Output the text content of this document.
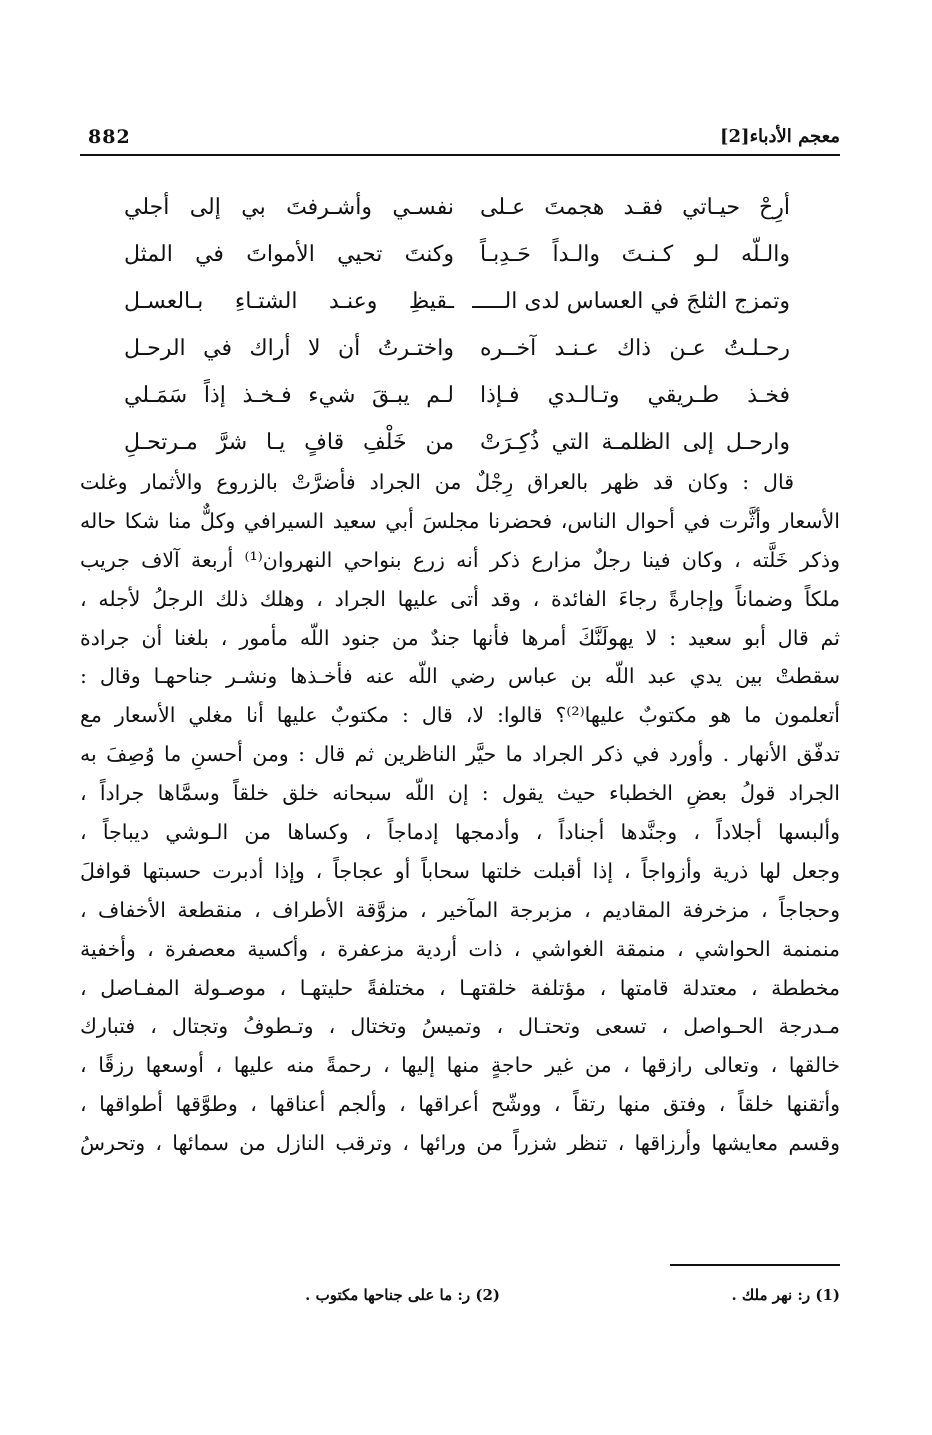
معجم الأدباء[2]
882
أرِحْ حيـاتي فقـد هجمتَ عـلى
نفسـي وأشـرفتَ بي إلى أجلي
والـلّه لـو كـنـتَ والـداً حَـدِبـاً
وكنتَ تحيي الأمواتَ في المثل
وتمزج الثلجَ في العساس لدى الـــــ
ـقيظِ وعنـد الشتـاءِ بـالعسـل
رحـلـتُ عـن ذاك عـنـد آخــره
واختـرتُ أن لا أراك في الرحـل
فخـذ طـريقي وتـالـدي فـإذا
لـم يبـقَ شيء فـخـذ إذاً سَمَـلي
وارحـل إلى الظلمـة التي ذُكِـرَتْ
من خَلْفِ قافٍ يـا شرَّ مـرتحـلِ
قال : وكان قد ظهر بالعراق رِجْلٌ من الجراد فأضرَّتْ بالزروع والأثمار وغلت
الأسعار وأثَّرت في أحوال الناس، فحضرنا مجلسَ أبي سعيد السيرافي وكلٌّ منا شكا حاله
وذكر خَلَّته ، وكان فينا رجلٌ مزارع ذكر أنه زرع بنواحي النهروان⁽¹⁾ أربعة آلاف جريب
ملكاً وضماناً وإجارةً رجاءَ الفائدة ، وقد أتى عليها الجراد ، وهلك ذلك الرجلُ لأجله ،
ثم قال أبو سعيد : لا يهولَنَّكَ أمرها فأنها جندٌ من جنود اللّه مأمور ، بلغنا أن جرادة
سقطتْ بين يدي عبد اللّه بن عباس رضي اللّه عنه فأخـذها ونشـر جناحهـا وقال :
أتعلمون ما هو مكتوبٌ عليها⁽²⁾؟ قالوا: لا، قال : مكتوبٌ عليها أنا مغلي الأسعار مع
تدفّق الأنهار . وأورد في ذكر الجراد ما حيَّر الناظرين ثم قال : ومن أحسنِ ما وُصِفَ به
الجراد قولُ بعضِ الخطباء حيث يقول : إن اللّه سبحانه خلق خلقاً وسمَّاها جراداً ،
وألبسها أجلاداً ، وجنَّدها أجناداً ، وأدمجها إدماجاً ، وكساها من الـوشي ديباجاً ،
وجعل لها ذرية وأزواجاً ، إذا أقبلت خلتها سحاباً أو عجاجاً ، وإذا أدبرت حسبتها قوافلَ
وحجاجاً ، مزخرفة المقاديم ، مزبرجة المآخير ، مزوَّقة الأطراف ، منقطعة الأخفاف ،
منمنمة الحواشي ، منمقة الغواشي ، ذات أردية مزعفرة ، وأكسية معصفرة ، وأخفية
مخططة ، معتدلة قامتها ، مؤتلفة خلقتهـا ، مختلفةً حليتهـا ، موصـولة المفـاصل ،
مـدرجة الحـواصل ، تسعى وتحتـال ، وتميسُ وتختال ، وتـطوفُ وتجتال ، فتبارك
خالقها ، وتعالى رازقها ، من غير حاجةٍ منها إليها ، رحمةً منه عليها ، أوسعها رزقًا ،
وأتقنها خلقاً ، وفتق منها رتقاً ، ووشّح أعراقها ، وألجم أعناقها ، وطوَّقها أطواقها ،
وقسم معايشها وأرزاقها ، تنظر شزراً من ورائها ، وترقب النازل من سمائها ، وتحرسُ
(1) ر: نهر ملك .
(2) ر: ما على جناحها مكتوب .
